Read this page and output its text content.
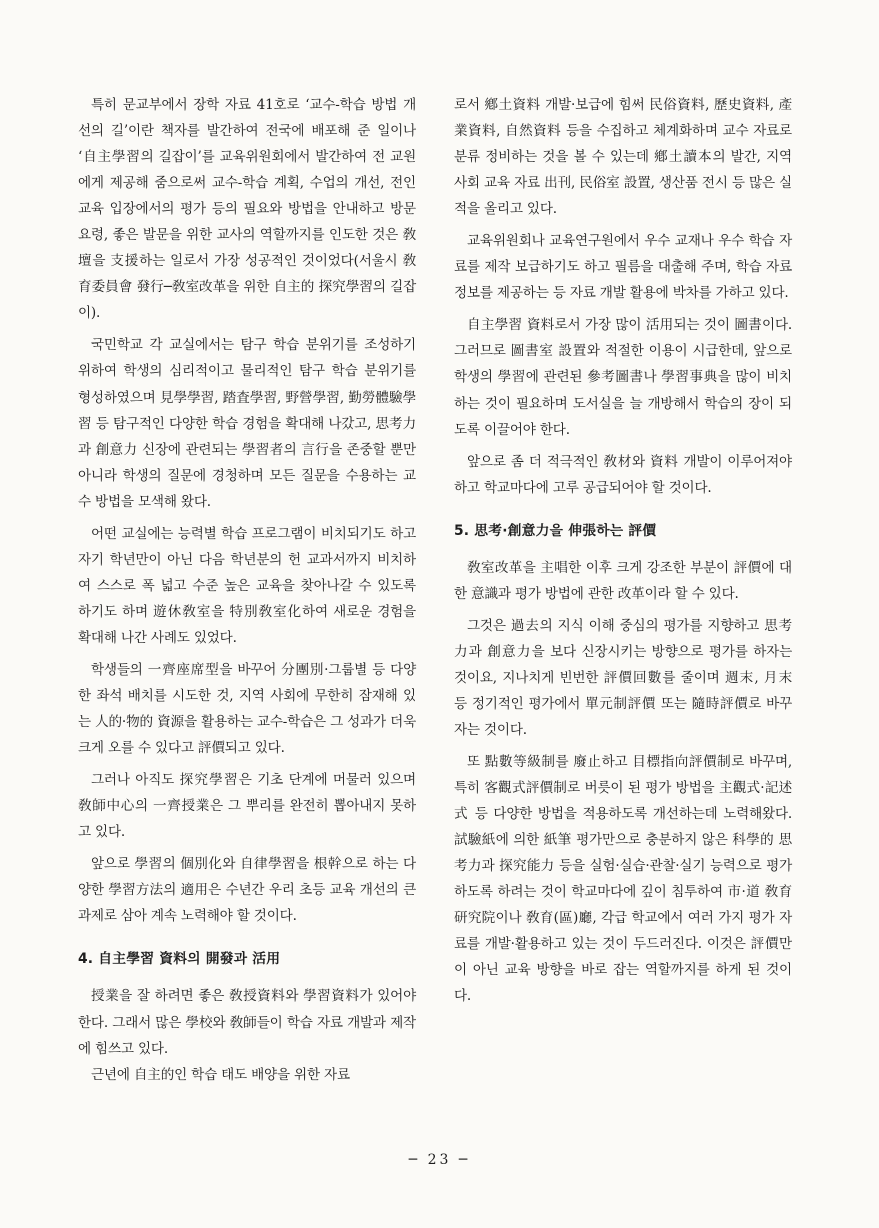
특히 문교부에서 장학 자료 41호로 ‘교수-학습 방법 개선의 길’이란 책자를 발간하여 전국에 배포해 준 일이나 ‘自主學習의 길잡이’를 교육위원회에서 발간하여 전 교원에게 제공해 줌으로써 교수-학습 계획, 수업의 개선, 전인 교육 입장에서의 평가 등의 필요와 방법을 안내하고 방문 요령, 좋은 발문을 위한 교사의 역할까지를 인도한 것은 敎壇을 支援하는 일로서 가장 성공적인 것이었다(서울시 敎育委員會 發行─敎室改革을 위한 自主的 探究學習의 길잡이).

국민학교 각 교실에서는 탐구 학습 분위기를 조성하기 위하여 학생의 심리적이고 물리적인 탐구 학습 분위기를 형성하였으며 見學學習, 踏査學習, 野營學習, 勤勞體驗學習 등 탐구적인 다양한 학습 경험을 확대해 나갔고, 思考力과 創意力 신장에 관련되는 學習者의 言行을 존중할 뿐만 아니라 학생의 질문에 경청하며 모든 질문을 수용하는 교수 방법을 모색해 왔다.

어떤 교실에는 능력별 학습 프로그램이 비치되기도 하고 자기 학년만이 아닌 다음 학년분의 헌 교과서까지 비치하여 스스로 폭 넓고 수준 높은 교육을 찾아나갈 수 있도록 하기도 하며 遊休敎室을 特別敎室化하여 새로운 경험을 확대해 나간 사례도 있었다.

학생들의 一齊座席型을 바꾸어 分團別·그룹별 등 다양한 좌석 배치를 시도한 것, 지역 사회에 무한히 잠재해 있는 人的·物的 資源을 활용하는 교수-학습은 그 성과가 더욱 크게 오를 수 있다고 評價되고 있다.

그러나 아직도 探究學習은 기초 단계에 머물러 있으며 敎師中心의 一齊授業은 그 뿌리를 완전히 뽑아내지 못하고 있다.

앞으로 學習의 個別化와 自律學習을 根幹으로 하는 다양한 學習方法의 適用은 수년간 우리 초등 교육 개선의 큰 과제로 삼아 계속 노력해야 할 것이다.

4. 自主學習 資料의 開發과 活用

授業을 잘 하려면 좋은 敎授資料와 學習資料가 있어야 한다. 그래서 많은 學校와 敎師들이 학습 자료 개발과 제작에 힘쓰고 있다.

근년에 自主的인 학습 태도 배양을 위한 자료

로서 鄕土資料 개발·보급에 힘써 民俗資料, 歷史資料, 產業資料, 自然資料 등을 수집하고 체계화하며 교수 자료로 분류 정비하는 것을 볼 수 있는데 鄕土讀本의 발간, 지역 사회 교육 자료 出刊, 民俗室 設置, 생산품 전시 등 많은 실적을 올리고 있다.

교육위원회나 교육연구원에서 우수 교재나 우수 학습 자료를 제작 보급하기도 하고 필름을 대출해 주며, 학습 자료 정보를 제공하는 등 자료 개발 활용에 박차를 가하고 있다.

自主學習 資料로서 가장 많이 活用되는 것이 圖書이다. 그러므로 圖書室 設置와 적절한 이용이 시급한데, 앞으로 학생의 學習에 관련된 參考圖書나 學習事典을 많이 비치하는 것이 필요하며 도서실을 늘 개방해서 학습의 장이 되도록 이끌어야 한다.

앞으로 좀 더 적극적인 敎材와 資料 개발이 이루어져야 하고 학교마다에 고루 공급되어야 할 것이다.

5. 思考·創意力을 伸張하는 評價

敎室改革을 主唱한 이후 크게 강조한 부분이 評價에 대한 意識과 평가 방법에 관한 改革이라 할 수 있다.

그것은 過去의 지식 이해 중심의 평가를 지향하고 思考力과 創意力을 보다 신장시키는 방향으로 평가를 하자는 것이요, 지나치게 빈번한 評價回數를 줄이며 週末, 月末 등 정기적인 평가에서 單元制評價 또는 隨時評價로 바꾸자는 것이다.

또 點數等級制를 廢止하고 目標指向評價制로 바꾸며, 특히 客觀式評價制로 버릇이 된 평가 방법을 主觀式·記述式 등 다양한 방법을 적용하도록 개선하는데 노력해왔다. 試驗紙에 의한 紙筆 평가만으로 충분하지 않은 科學的 思考力과 探究能力 등을 실험·실습·관찰·실기 능력으로 평가하도록 하려는 것이 학교마다에 깊이 침투하여 市·道 敎育研究院이나 敎育(區)廳, 각급 학교에서 여러 가지 평가 자료를 개발·활용하고 있는 것이 두드러진다. 이것은 評價만이 아닌 교육 방향을 바로 잡는 역할까지를 하게 된 것이다.

─ 23 ─
